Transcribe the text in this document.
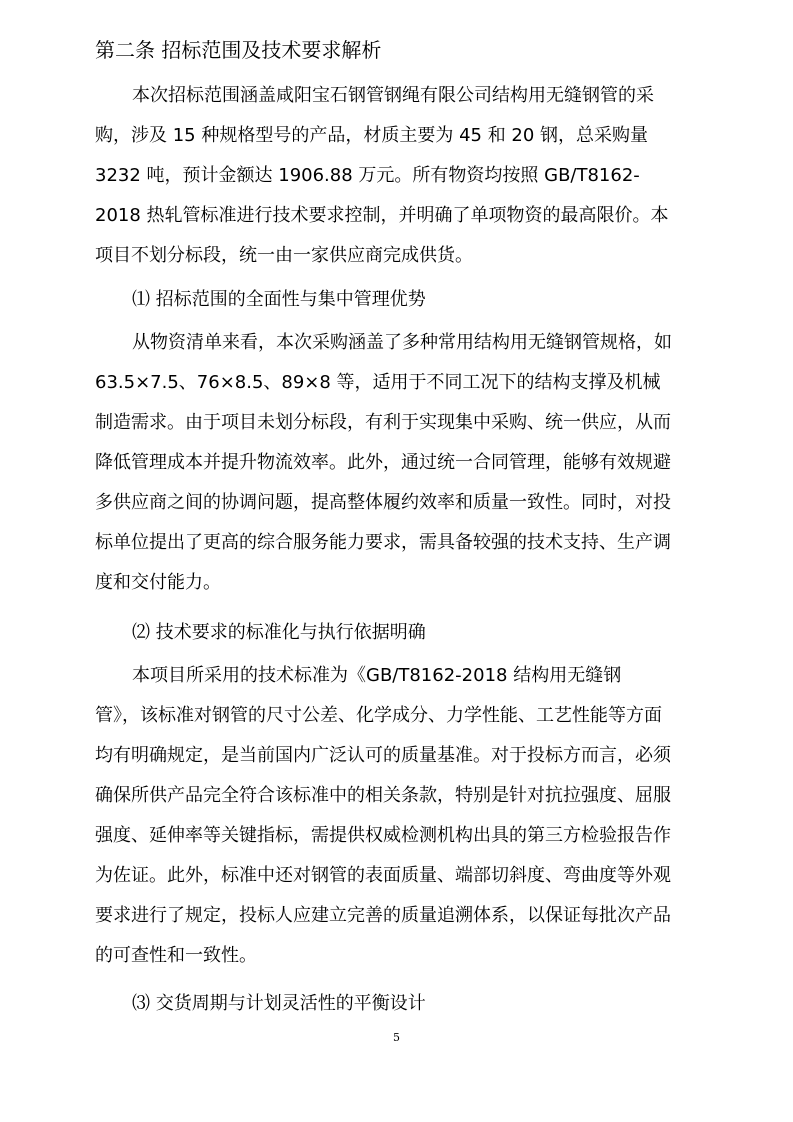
第二条 招标范围及技术要求解析
本次招标范围涵盖咸阳宝石钢管钢绳有限公司结构用无缝钢管的采
购，涉及 15 种规格型号的产品，材质主要为 45 和 20 钢，总采购量
3232 吨，预计金额达 1906.88 万元。所有物资均按照 GB/T8162-
2018 热轧管标准进行技术要求控制，并明确了单项物资的最高限价。本
项目不划分标段，统一由一家供应商完成供货。
⑴ 招标范围的全面性与集中管理优势
从物资清单来看，本次采购涵盖了多种常用结构用无缝钢管规格，如
63.5×7.5、76×8.5、89×8 等，适用于不同工况下的结构支撑及机械
制造需求。由于项目未划分标段，有利于实现集中采购、统一供应，从而
降低管理成本并提升物流效率。此外，通过统一合同管理，能够有效规避
多供应商之间的协调问题，提高整体履约效率和质量一致性。同时，对投
标单位提出了更高的综合服务能力要求，需具备较强的技术支持、生产调
度和交付能力。
⑵ 技术要求的标准化与执行依据明确
本项目所采用的技术标准为《GB/T8162-2018 结构用无缝钢
管》，该标准对钢管的尺寸公差、化学成分、力学性能、工艺性能等方面
均有明确规定，是当前国内广泛认可的质量基准。对于投标方而言，必须
确保所供产品完全符合该标准中的相关条款，特别是针对抗拉强度、屈服
强度、延伸率等关键指标，需提供权威检测机构出具的第三方检验报告作
为佐证。此外，标准中还对钢管的表面质量、端部切斜度、弯曲度等外观
要求进行了规定，投标人应建立完善的质量追溯体系，以保证每批次产品
的可查性和一致性。
⑶ 交货周期与计划灵活性的平衡设计
5
